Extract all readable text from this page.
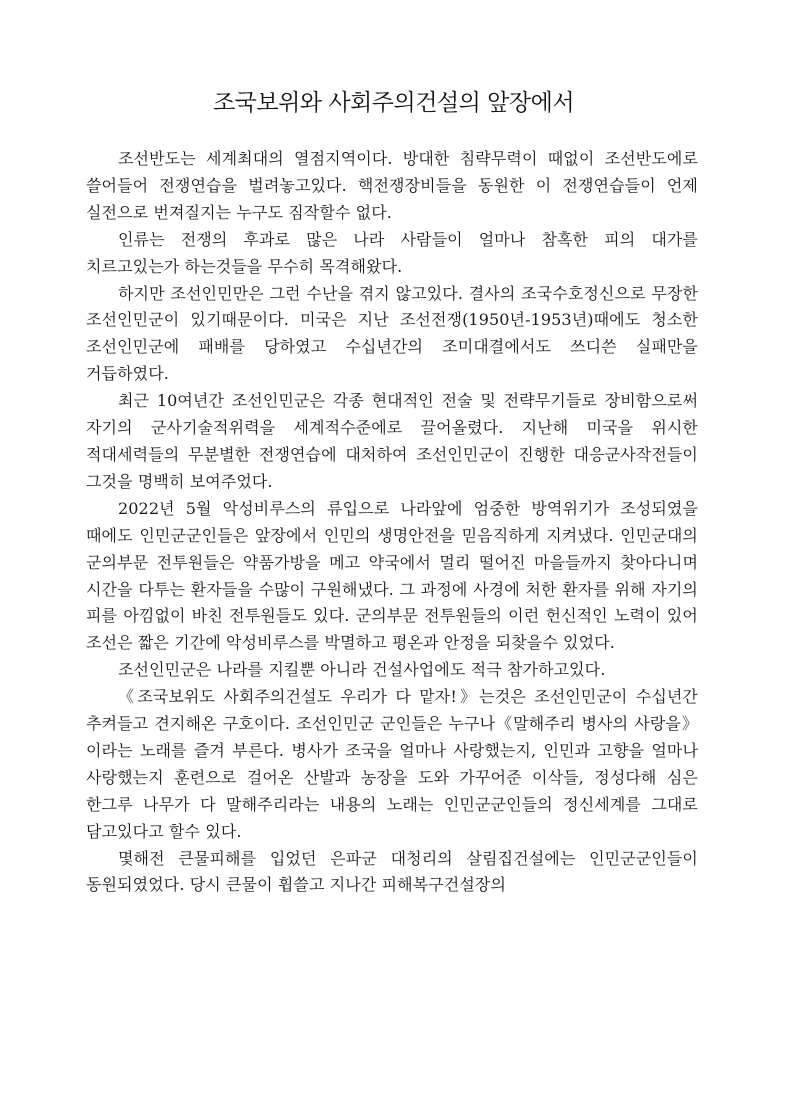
조국보위와 사회주의건설의 앞장에서

조선반도는 세계최대의 열점지역이다. 방대한 침략무력이 때없이 조선반도에로 쓸어들어 전쟁연습을 벌려놓고있다. 핵전쟁장비들을 동원한 이 전쟁연습들이 언제 실전으로 번져질지는 누구도 짐작할수 없다.

인류는 전쟁의 후과로 많은 나라 사람들이 얼마나 참혹한 피의 대가를 치르고있는가 하는것들을 무수히 목격해왔다.

하지만 조선인민만은 그런 수난을 겪지 않고있다. 결사의 조국수호정신으로 무장한 조선인민군이 있기때문이다. 미국은 지난 조선전쟁(1950년-1953년)때에도 청소한 조선인민군에 패배를 당하였고 수십년간의 조미대결에서도 쓰디쓴 실패만을 거듭하였다.

최근 10여년간 조선인민군은 각종 현대적인 전술 및 전략무기들로 장비함으로써 자기의 군사기술적위력을 세계적수준에로 끌어올렸다. 지난해 미국을 위시한 적대세력들의 무분별한 전쟁연습에 대처하여 조선인민군이 진행한 대응군사작전들이 그것을 명백히 보여주었다.

2022년 5월 악성비루스의 류입으로 나라앞에 엄중한 방역위기가 조성되였을 때에도 인민군군인들은 앞장에서 인민의 생명안전을 믿음직하게 지켜냈다. 인민군대의 군의부문 전투원들은 약품가방을 메고 약국에서 멀리 떨어진 마을들까지 찾아다니며 시간을 다투는 환자들을 수많이 구원해냈다. 그 과정에 사경에 처한 환자를 위해 자기의 피를 아낌없이 바친 전투원들도 있다. 군의부문 전투원들의 이런 헌신적인 노력이 있어 조선은 짧은 기간에 악성비루스를 박멸하고 평온과 안정을 되찾을수 있었다.

조선인민군은 나라를 지킬뿐 아니라 건설사업에도 적극 참가하고있다.

《조국보위도 사회주의건설도 우리가 다 맡자!》는것은 조선인민군이 수십년간 추켜들고 견지해온 구호이다. 조선인민군 군인들은 누구나《말해주리 병사의 사랑을》이라는 노래를 즐겨 부른다. 병사가 조국을 얼마나 사랑했는지, 인민과 고향을 얼마나 사랑했는지 훈련으로 걸어온 산발과 농장을 도와 가꾸어준 이삭들, 정성다해 심은 한그루 나무가 다 말해주리라는 내용의 노래는 인민군군인들의 정신세계를 그대로 담고있다고 할수 있다.

몇해전 큰물피해를 입었던 은파군 대청리의 살림집건설에는 인민군군인들이 동원되였었다. 당시 큰물이 휩쓸고 지나간 피해복구건설장의
